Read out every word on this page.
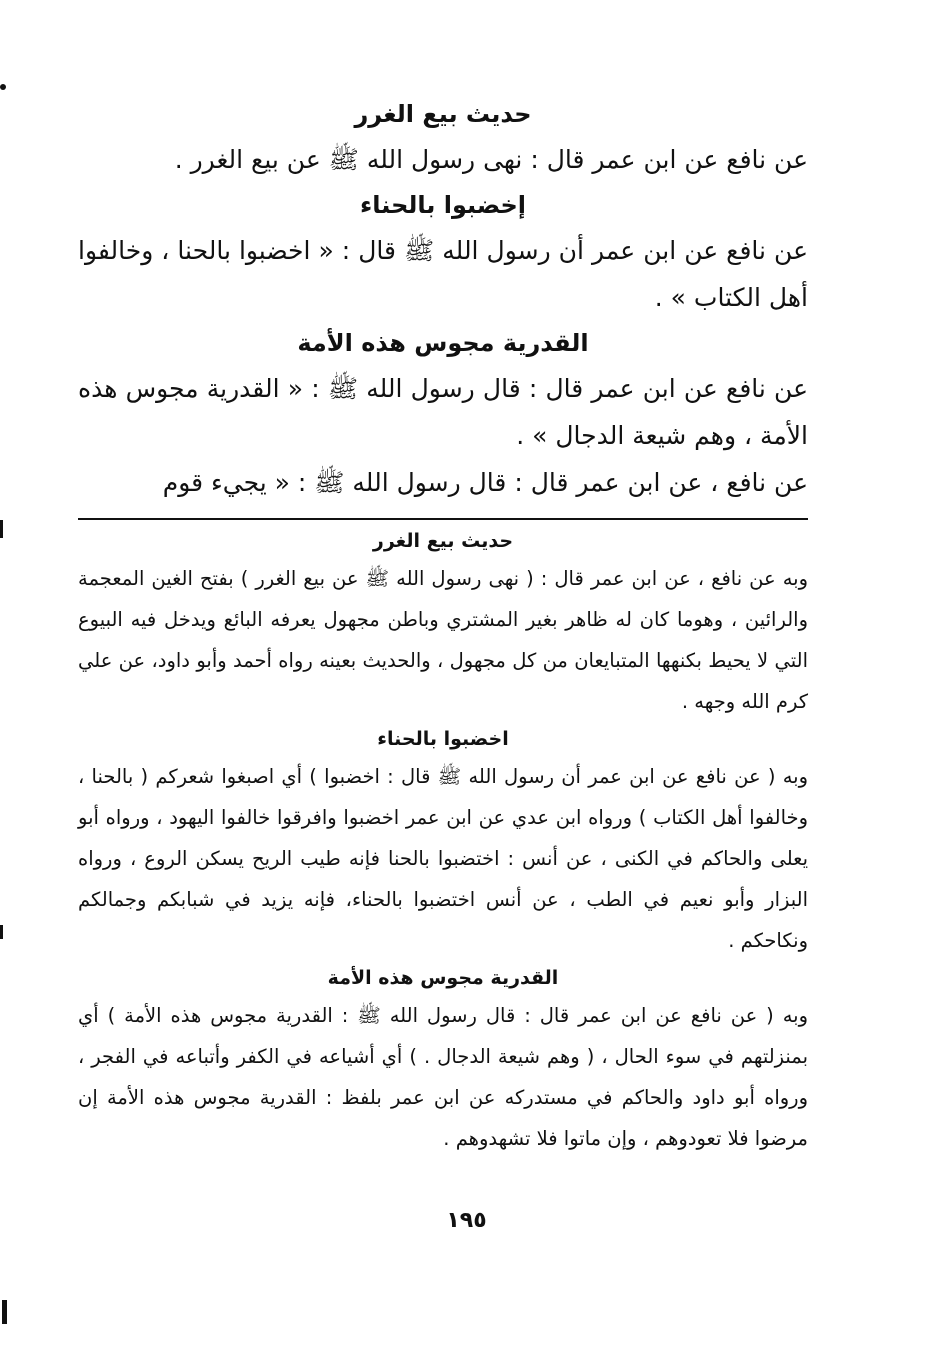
حديث بيع الغرر

عن نافع عن ابن عمر قال : نهى رسول الله ﷺ عن بيع الغرر .

إخضبوا بالحناء

عن نافع عن ابن عمر أن رسول الله ﷺ قال : « اخضبوا بالحنا ، وخالفوا أهل الكتاب » .

القدرية مجوس هذه الأمة

عن نافع عن ابن عمر قال : قال رسول الله ﷺ : « القدرية مجوس هذه الأمة ، وهم شيعة الدجال » .

عن نافع ، عن ابن عمر قال : قال رسول الله ﷺ : « يجيء قوم

حديث بيع الغرر

وبه عن نافع ، عن ابن عمر قال : ( نهى رسول الله ﷺ عن بيع الغرر ) بفتح الغين المعجمة والرائين ، وهوما كان له ظاهر بغير المشتري وباطن مجهول يعرفه البائع ويدخل فيه البيوع التي لا يحيط بكنهها المتبايعان من كل مجهول ، والحديث بعينه رواه أحمد وأبو داود، عن علي كرم الله وجهه .

اخضبوا بالحناء

وبه ( عن نافع عن ابن عمر أن رسول الله ﷺ قال : اخضبوا ) أي اصبغوا شعركم ( بالحنا ، وخالفوا أهل الكتاب ) ورواه ابن عدي عن ابن عمر اخضبوا وافرقوا خالفوا اليهود ، ورواه أبو يعلى والحاكم في الكنى ، عن أنس : اختضبوا بالحنا فإنه طيب الريح يسكن الروع ، ورواه البزار وأبو نعيم في الطب ، عن أنس اختضبوا بالحناء، فإنه يزيد في شبابكم وجمالكم ونكاحكم .

القدرية مجوس هذه الأمة

وبه ( عن نافع عن ابن عمر قال : قال رسول الله ﷺ : القدرية مجوس هذه الأمة ) أي بمنزلتهم في سوء الحال ، ( وهم شيعة الدجال . ) أي أشياعه في الكفر وأتباعه في الفجر ، ورواه أبو داود والحاكم في مستدركه عن ابن عمر بلفظ : القدرية مجوس هذه الأمة إن مرضوا فلا تعودوهم ، وإن ماتوا فلا تشهدوهم .

١٩٥
